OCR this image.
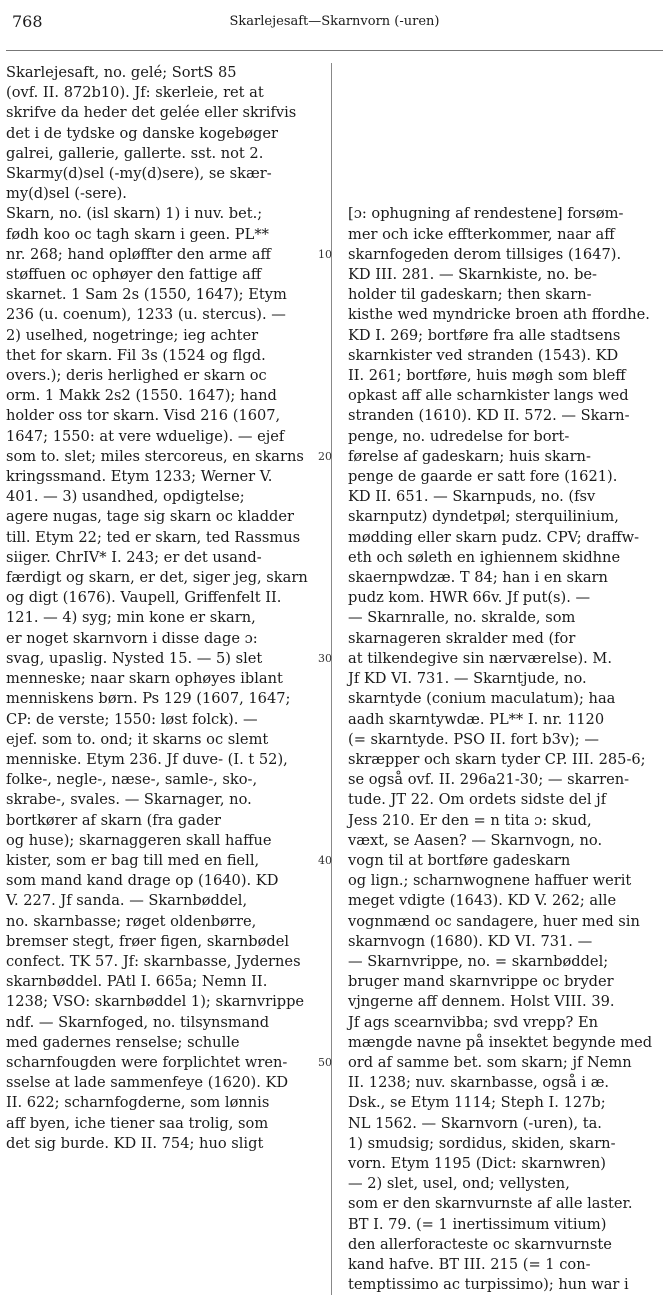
768	Skarlejesaft—Skarnvorn (-uren)
Skarlejesaft, no. gelé; SortS 85
(ovf. II. 872b10). Jf: skerleie, ret at
skrifve da heder det gelée eller skrifvis
det i de tydske og danske kogebøger
galrei, gallerie, gallerte. sst. not 2.
Skarmy(d)sel (-my(d)sere), se skær-
my(d)sel (-sere).
Skarn, no. (isl skarn) 1) i nuv. bet.;
fødh koo oc tagh skarn i geen. PL**
nr. 268; hand opløffter den arme aff
støffuen oc ophøyer den fattige aff
skarnet. 1 Sam 2s (1550, 1647); Etym
236 (u. coenum), 1233 (u. stercus). —
2) uselhed, nogetringe; ieg achter
thet for skarn. Fil 3s (1524 og flgd.
overs.); deris herlighed er skarn oc
orm. 1 Makk 2s2 (1550. 1647); hand
holder oss tor skarn. Visd 216 (1607,
1647; 1550: at vere wduelige). — ejef
som to. slet; miles stercoreus, en skarns
kringssmand. Etym 1233; Werner V.
401. — 3) usandhed, opdigtelse;
agere nugas, tage sig skarn oc kladder
till. Etym 22; ted er skarn, ted Rassmus
siiger. ChrIV* I. 243; er det usand-
færdigt og skarn, er det, siger jeg, skarn
og digt (1676). Vaupell, Griffenfelt II.
121. — 4) syg; min kone er skarn,
er noget skarnvorn i disse dage ɔ:
svag, upaslig. Nysted 15. — 5) slet
menneske; naar skarn ophøyes iblant
menniskens børn. Ps 129 (1607, 1647;
CP: de verste; 1550: løst folck). —
ejef. som to. ond; it skarns oc slemt
menniske. Etym 236. Jf duve- (I. t 52),
folke-, negle-, næse-, samle-, sko-,
skrabe-, svales. — Skarnager, no.
bortkører af skarn (fra gader
og huse); skarnaggeren skall haffue
kister, som er bag till med en fiell,
som mand kand drage op (1640). KD
V. 227. Jf sanda. — Skarnbøddel,
no. skarnbasse; røget oldenbørre,
bremser stegt, frøer figen, skarnbødel
confect. TK 57. Jf: skarnbasse, Jydernes
skarnbøddel. PAtl I. 665a; Nemn II.
1238; VSO: skarnbøddel 1); skarnvrippe
ndf. — Skarnfoged, no. tilsynsmand
med gadernes renselse; schulle
scharnfougden were forplichtet wren-
sselse at lade sammenfeye (1620). KD
II. 622; scharnfogderne, som lønnis
aff byen, iche tiener saa trolig, som
det sig burde. KD II. 754; huo sligt

10

20

30

40

50

[ɔ: ophugning af rendestene] forsøm-
mer och icke effterkommer, naar aff
skarnfogeden derom tillsiges (1647).
KD III. 281. — Skarnkiste, no. be-
holder til gadeskarn; then skarn-
kisthe wed myndricke broen ath ffordhe.
KD I. 269; bortføre fra alle stadtsens
skarnkister ved stranden (1543). KD
II. 261; bortføre, huis møgh som bleff
opkast aff alle scharnkister langs wed
stranden (1610). KD II. 572. — Skarn-
penge, no. udredelse for bort-
førelse af gadeskarn; huis skarn-
penge de gaarde er satt fore (1621).
KD II. 651. — Skarnpuds, no. (fsv
skarnputz) dyndetpøl; sterquilinium,
mødding eller skarn pudz. CPV; draffw-
eth och søleth en ighiennem skidhne
skaernpwdzæ. T 84; han i en skarn
pudz kom. HWR 66v. Jf put(s). —
— Skarnralle, no. skralde, som
skarnageren skralder med (for
at tilkendegive sin nærværelse). M.
Jf KD VI. 731. — Skarntjude, no.
skarntyde (conium maculatum); haa
aadh skarntywdæ. PL** I. nr. 1120
(= skarntyde. PSO II. fort b3v); —
skræpper och skarn tyder CP. III. 285-6;
se også ovf. II. 296a21-30; — skarren-
tude. JT 22. Om ordets sidste del jf
Jess 210. Er den = n tita ɔ: skud,
væxt, se Aasen? — Skarnvogn, no.
vogn til at bortføre gadeskarn
og lign.; scharnwognene haffuer werit
meget vdigte (1643). KD V. 262; alle
vognmænd oc sandagere, huer med sin
skarnvogn (1680). KD VI. 731. —
— Skarnvrippe, no. = skarnbøddel;
bruger mand skarnvrippe oc bryder
vjngerne aff dennem. Holst VIII. 39.
Jf ags scearnvibba; svd vrepp? En
mængde navne på insektet begynde med
ord af samme bet. som skarn; jf Nemn
II. 1238; nuv. skarnbasse, også i æ.
Dsk., se Etym 1114; Steph I. 127b;
NL 1562. — Skarnvorn (-uren), ta.
1) smudsig; sordidus, skiden, skarn-
vorn. Etym 1195 (Dict: skarnwren)
— 2) slet, usel, ond; vellysten,
som er den skarnvurnste af alle laster.
BT I. 79. (= 1 inertissimum vitium)
den allerforacteste oc skarnvurnste
kand hafve. BT III. 215 (= 1 con-
temptissimo ac turpissimo); hun war i
